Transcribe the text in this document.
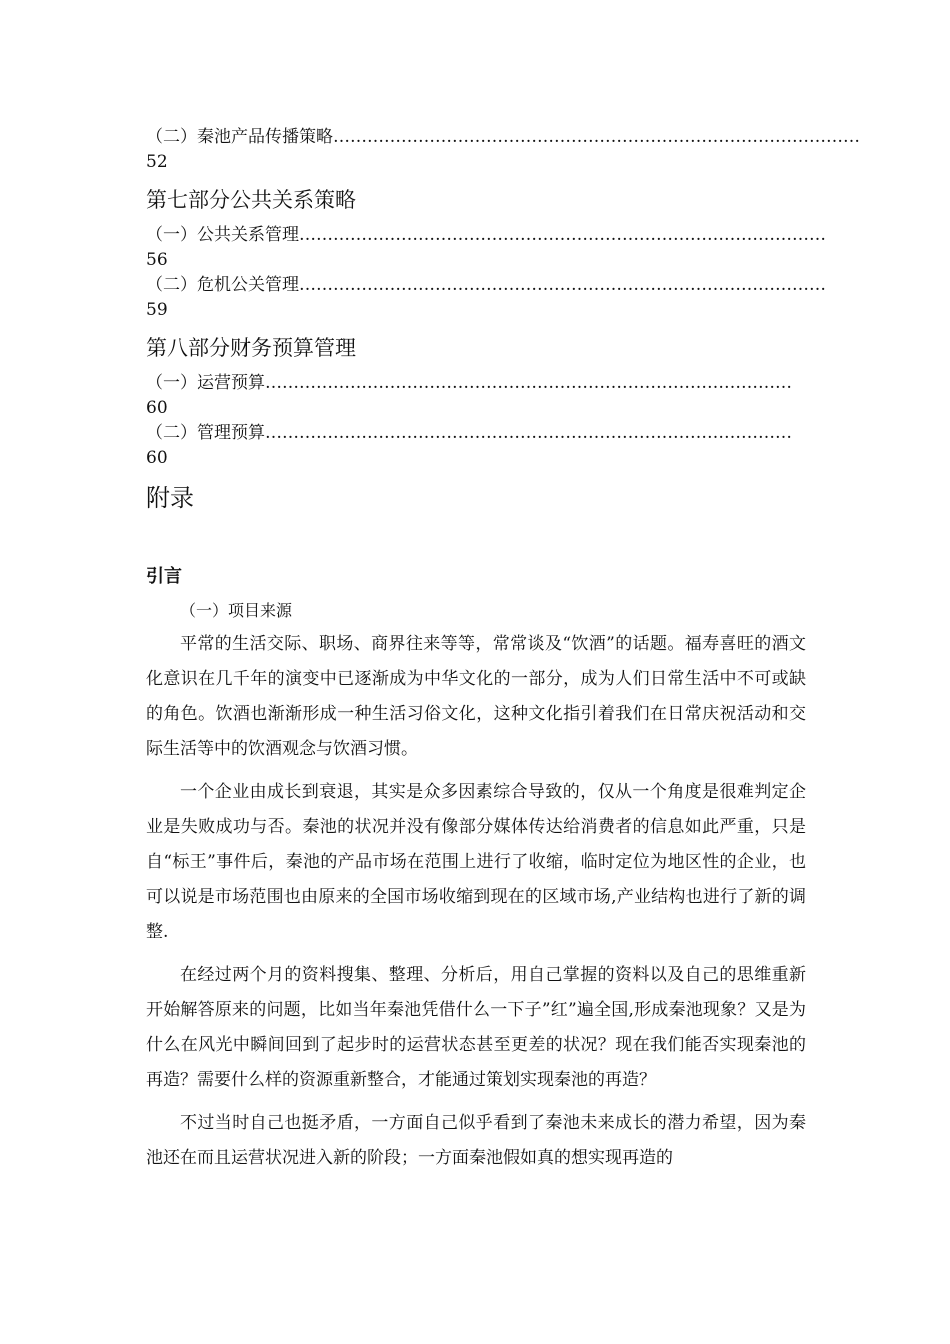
（二）秦池产品传播策略 …………………………………………………………………………………
52
第七部分公共关系策略
（一）公共关系管理 …………………………………………………………………………………
56
（二）危机公关管理 …………………………………………………………………………………
59
第八部分财务预算管理
（一）运营预算 …………………………………………………………………………………
60
（二）管理预算 …………………………………………………………………………………
60
附录
引言
（一）项目来源

平常的生活交际、职场、商界往来等等，常常谈及“饮酒”的话题。福寿喜旺的酒文化意识在几千年的演变中已逐渐成为中华文化的一部分，成为人们日常生活中不可或缺的角色。饮酒也渐渐形成一种生活习俗文化，这种文化指引着我们在日常庆祝活动和交际生活等中的饮酒观念与饮酒习惯。

一个企业由成长到衰退，其实是众多因素综合导致的，仅从一个角度是很难判定企业是失败成功与否。秦池的状况并没有像部分媒体传达给消费者的信息如此严重，只是自“标王”事件后，秦池的产品市场在范围上进行了收缩，临时定位为地区性的企业，也可以说是市场范围也由原来的全国市场收缩到现在的区域市场,产业结构也进行了新的调整.

在经过两个月的资料搜集、整理、分析后，用自己掌握的资料以及自己的思维重新开始解答原来的问题，比如当年秦池凭借什么一下子”红”遍全国,形成秦池现象？又是为什么在风光中瞬间回到了起步时的运营状态甚至更差的状况？现在我们能否实现秦池的再造？需要什么样的资源重新整合，才能通过策划实现秦池的再造？

不过当时自己也挺矛盾，一方面自己似乎看到了秦池未来成长的潜力希望，因为秦池还在而且运营状况进入新的阶段；一方面秦池假如真的想实现再造的
